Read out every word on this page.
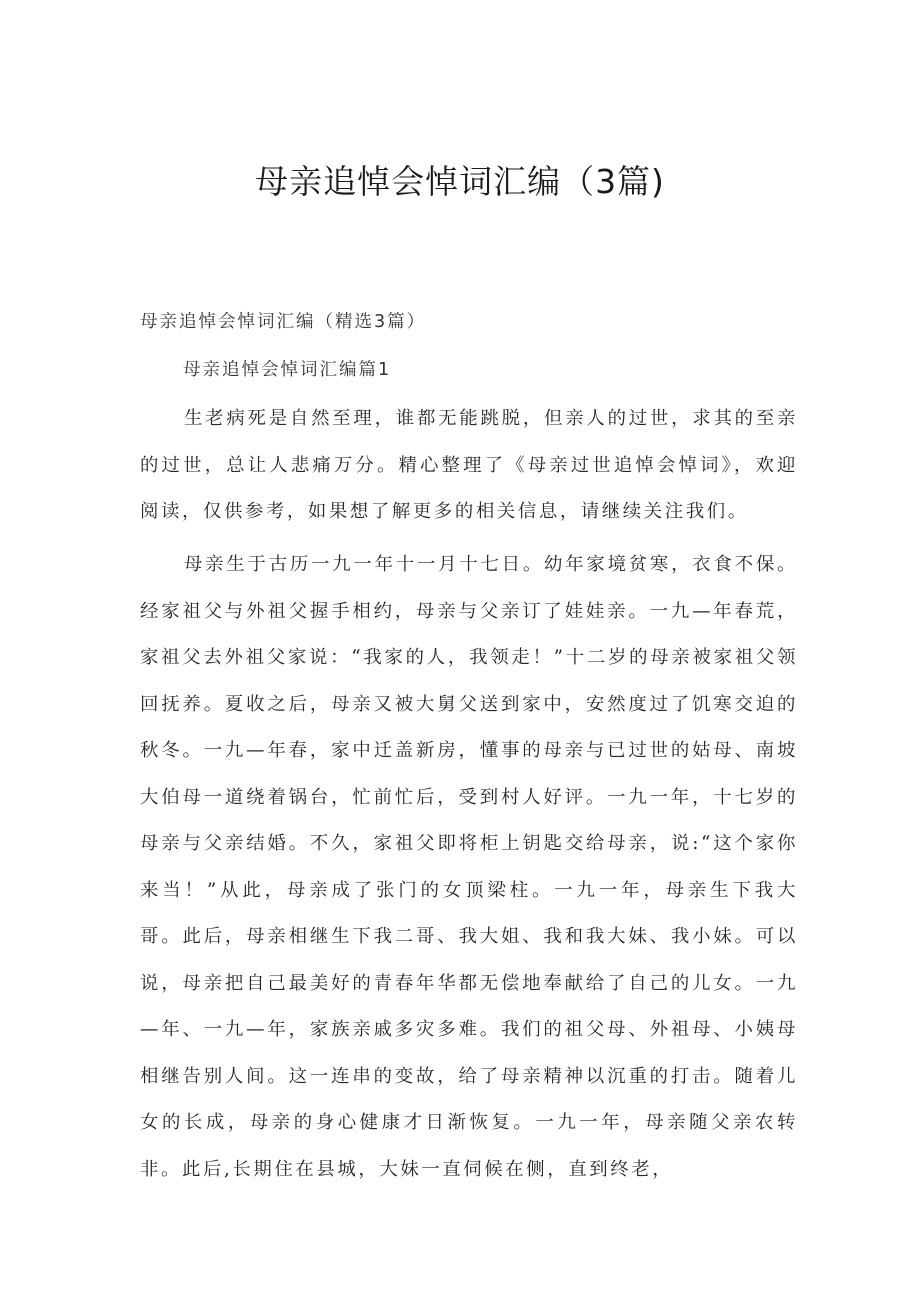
母亲追悼会悼词汇编（3篇)
母亲追悼会悼词汇编（精选3篇）
母亲追悼会悼词汇编篇1

生老病死是自然至理，谁都无能跳脱，但亲人的过世，求其的至亲的过世，总让人悲痛万分。精心整理了《母亲过世追悼会悼词》，欢迎阅读，仅供参考，如果想了解更多的相关信息，请继续关注我们。

母亲生于古历一九一年十一月十七日。幼年家境贫寒，衣食不保。经家祖父与外祖父握手相约，母亲与父亲订了娃娃亲。一九—年春荒，家祖父去外祖父家说：“我家的人，我领走！”十二岁的母亲被家祖父领回抚养。夏收之后，母亲又被大舅父送到家中，安然度过了饥寒交迫的秋冬。一九—年春，家中迁盖新房，懂事的母亲与已过世的姑母、南坡大伯母一道绕着锅台，忙前忙后，受到村人好评。一九一年，十七岁的母亲与父亲结婚。不久，家祖父即将柜上钥匙交给母亲，说:“这个家你来当！”从此，母亲成了张门的女顶梁柱。一九一年，母亲生下我大哥。此后，母亲相继生下我二哥、我大姐、我和我大妹、我小妹。可以说，母亲把自己最美好的青春年华都无偿地奉献给了自己的儿女。一九—年、一九—年，家族亲戚多灾多难。我们的祖父母、外祖母、小姨母相继告别人间。这一连串的变故，给了母亲精神以沉重的打击。随着儿女的长成，母亲的身心健康才日渐恢复。一九一年，母亲随父亲农转非。此后,长期住在县城，大妹一直伺候在侧，直到终老，
